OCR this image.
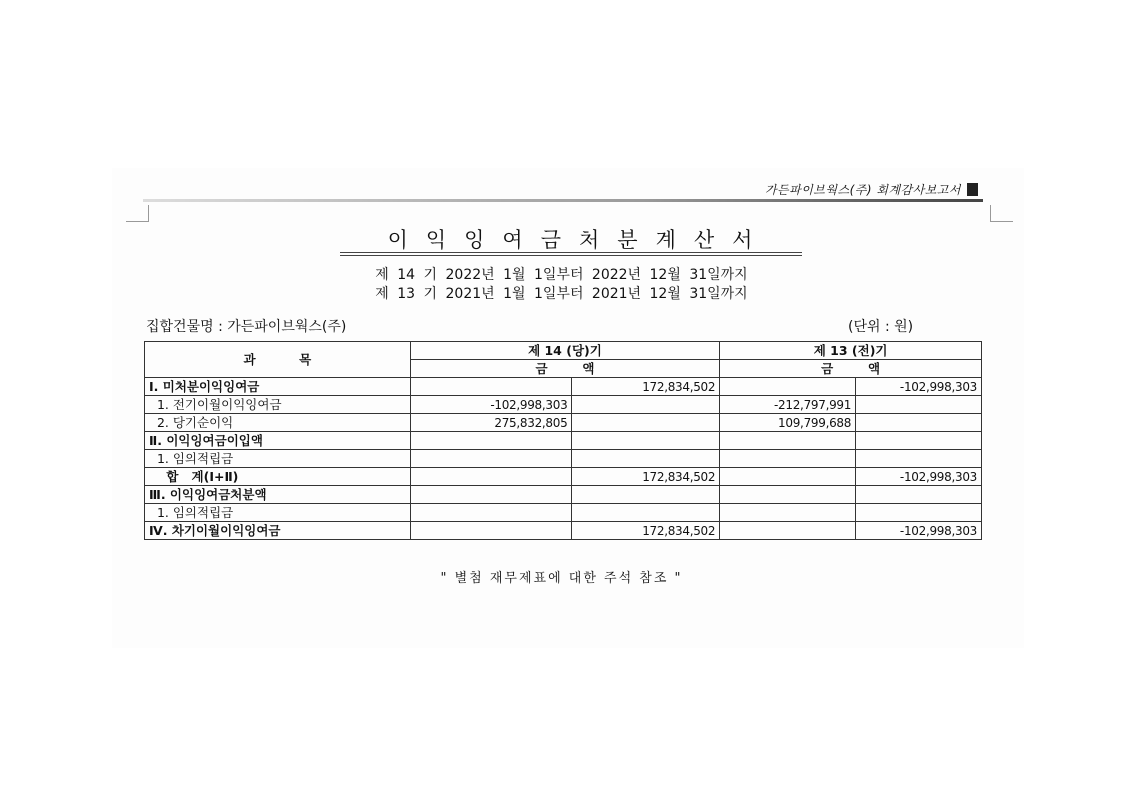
가든파이브웍스(주) 회계감사보고서
이익잉여금처분계산서
제 14 기 2022년 1월 1일부터 2022년 12월 31일까지
제 13 기 2021년 1월 1일부터 2021년 12월 31일까지
집합건물명 : 가든파이브웍스(주)	(단위 : 원)
과          목	제 14 (당)기		제 13 (전)기	
	금        액		금        액	
Ⅰ. 미처분이익잉여금		172,834,502		-102,998,303
1. 전기이월이익잉여금	-102,998,303		-212,797,991	
2. 당기순이익	275,832,805		109,799,688	
Ⅱ. 이익잉여금이입액				
1. 임의적립금				
합   계(Ⅰ+Ⅱ)		172,834,502		-102,998,303
Ⅲ. 이익잉여금처분액				
1. 임의적립금				
Ⅳ. 차기이월이익잉여금		172,834,502		-102,998,303
" 별첨 재무제표에 대한 주석 참조 "
